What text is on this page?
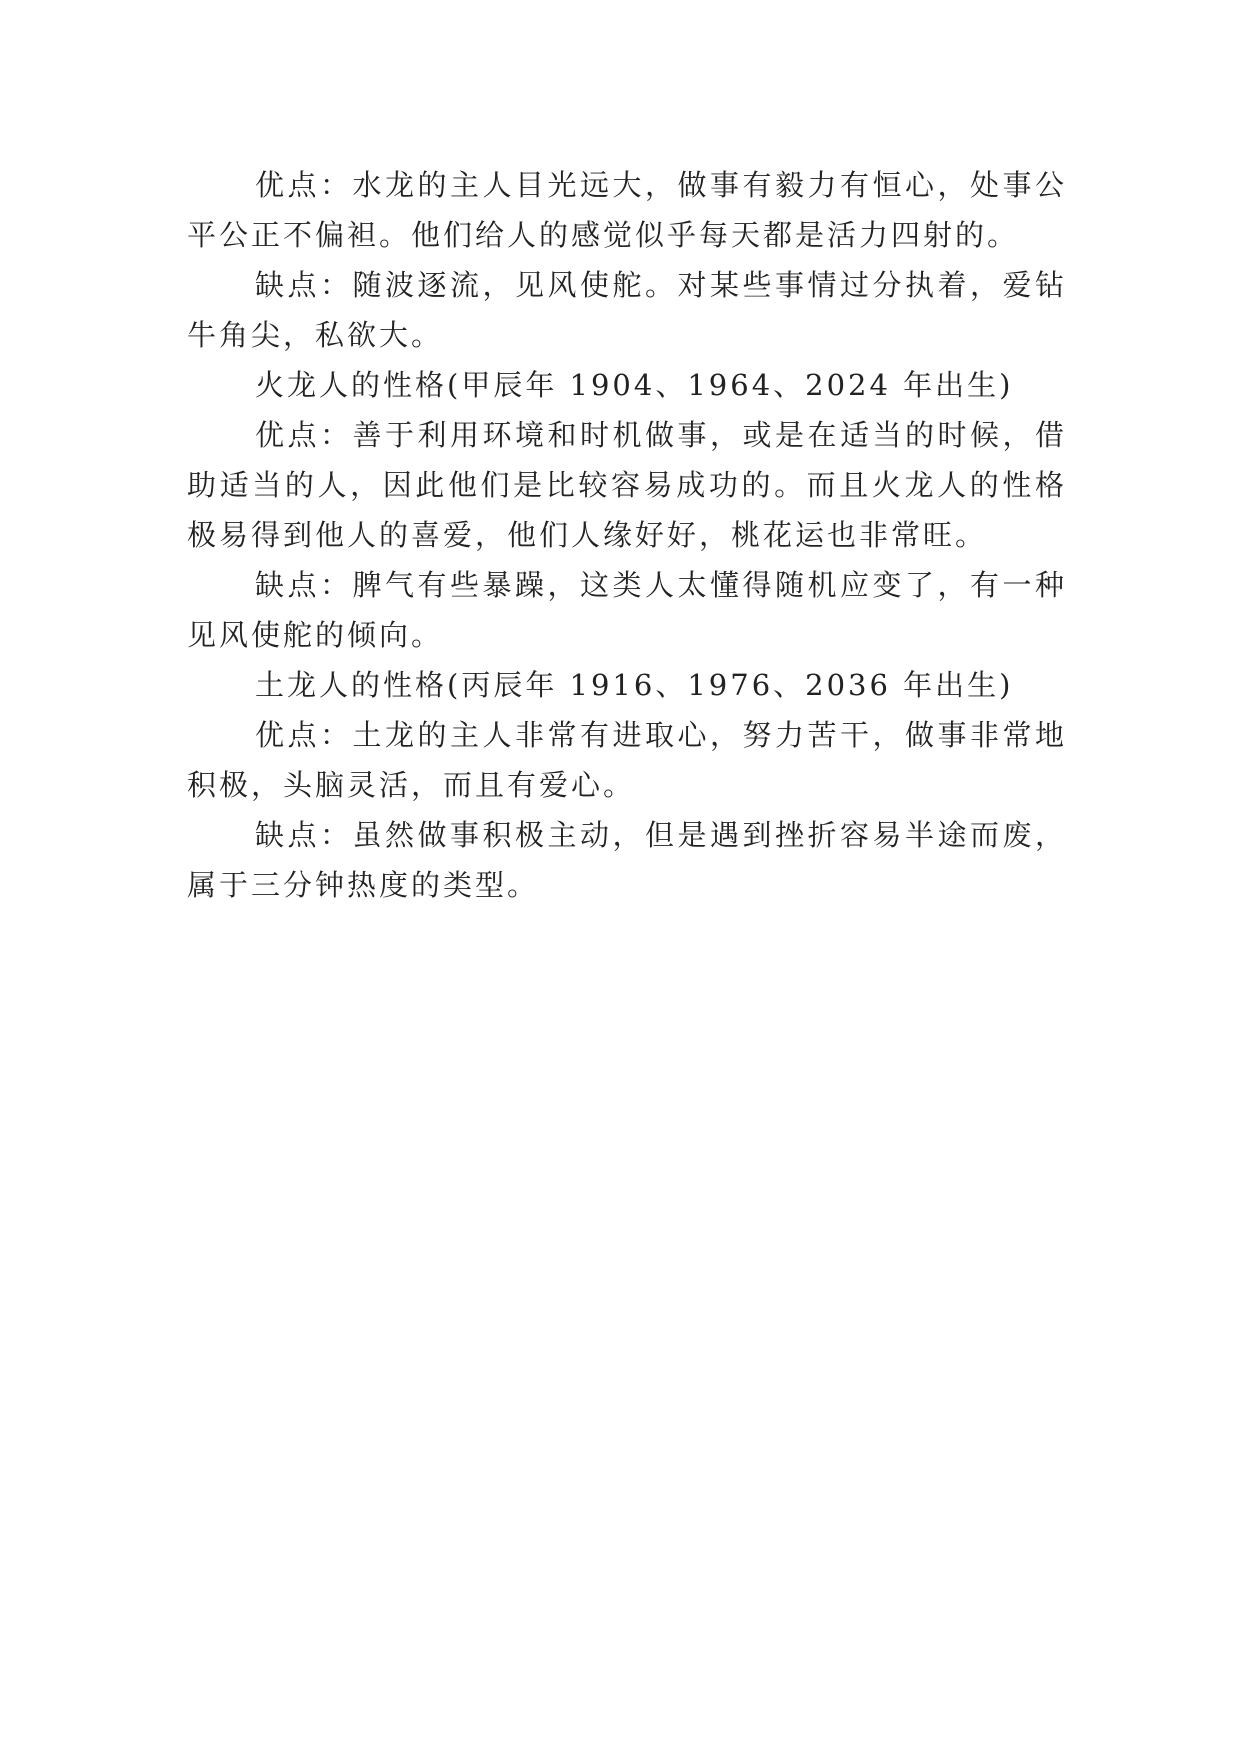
优点：水龙的主人目光远大，做事有毅力有恒心，处事公平公正不偏袒。他们给人的感觉似乎每天都是活力四射的。

缺点：随波逐流，见风使舵。对某些事情过分执着，爱钻牛角尖，私欲大。

火龙人的性格(甲辰年 1904、1964、2024 年出生)

优点：善于利用环境和时机做事，或是在适当的时候，借助适当的人，因此他们是比较容易成功的。而且火龙人的性格极易得到他人的喜爱，他们人缘好好，桃花运也非常旺。

缺点：脾气有些暴躁，这类人太懂得随机应变了，有一种见风使舵的倾向。

土龙人的性格(丙辰年 1916、1976、2036 年出生)

优点：土龙的主人非常有进取心，努力苦干，做事非常地积极，头脑灵活，而且有爱心。

缺点：虽然做事积极主动，但是遇到挫折容易半途而废，属于三分钟热度的类型。
